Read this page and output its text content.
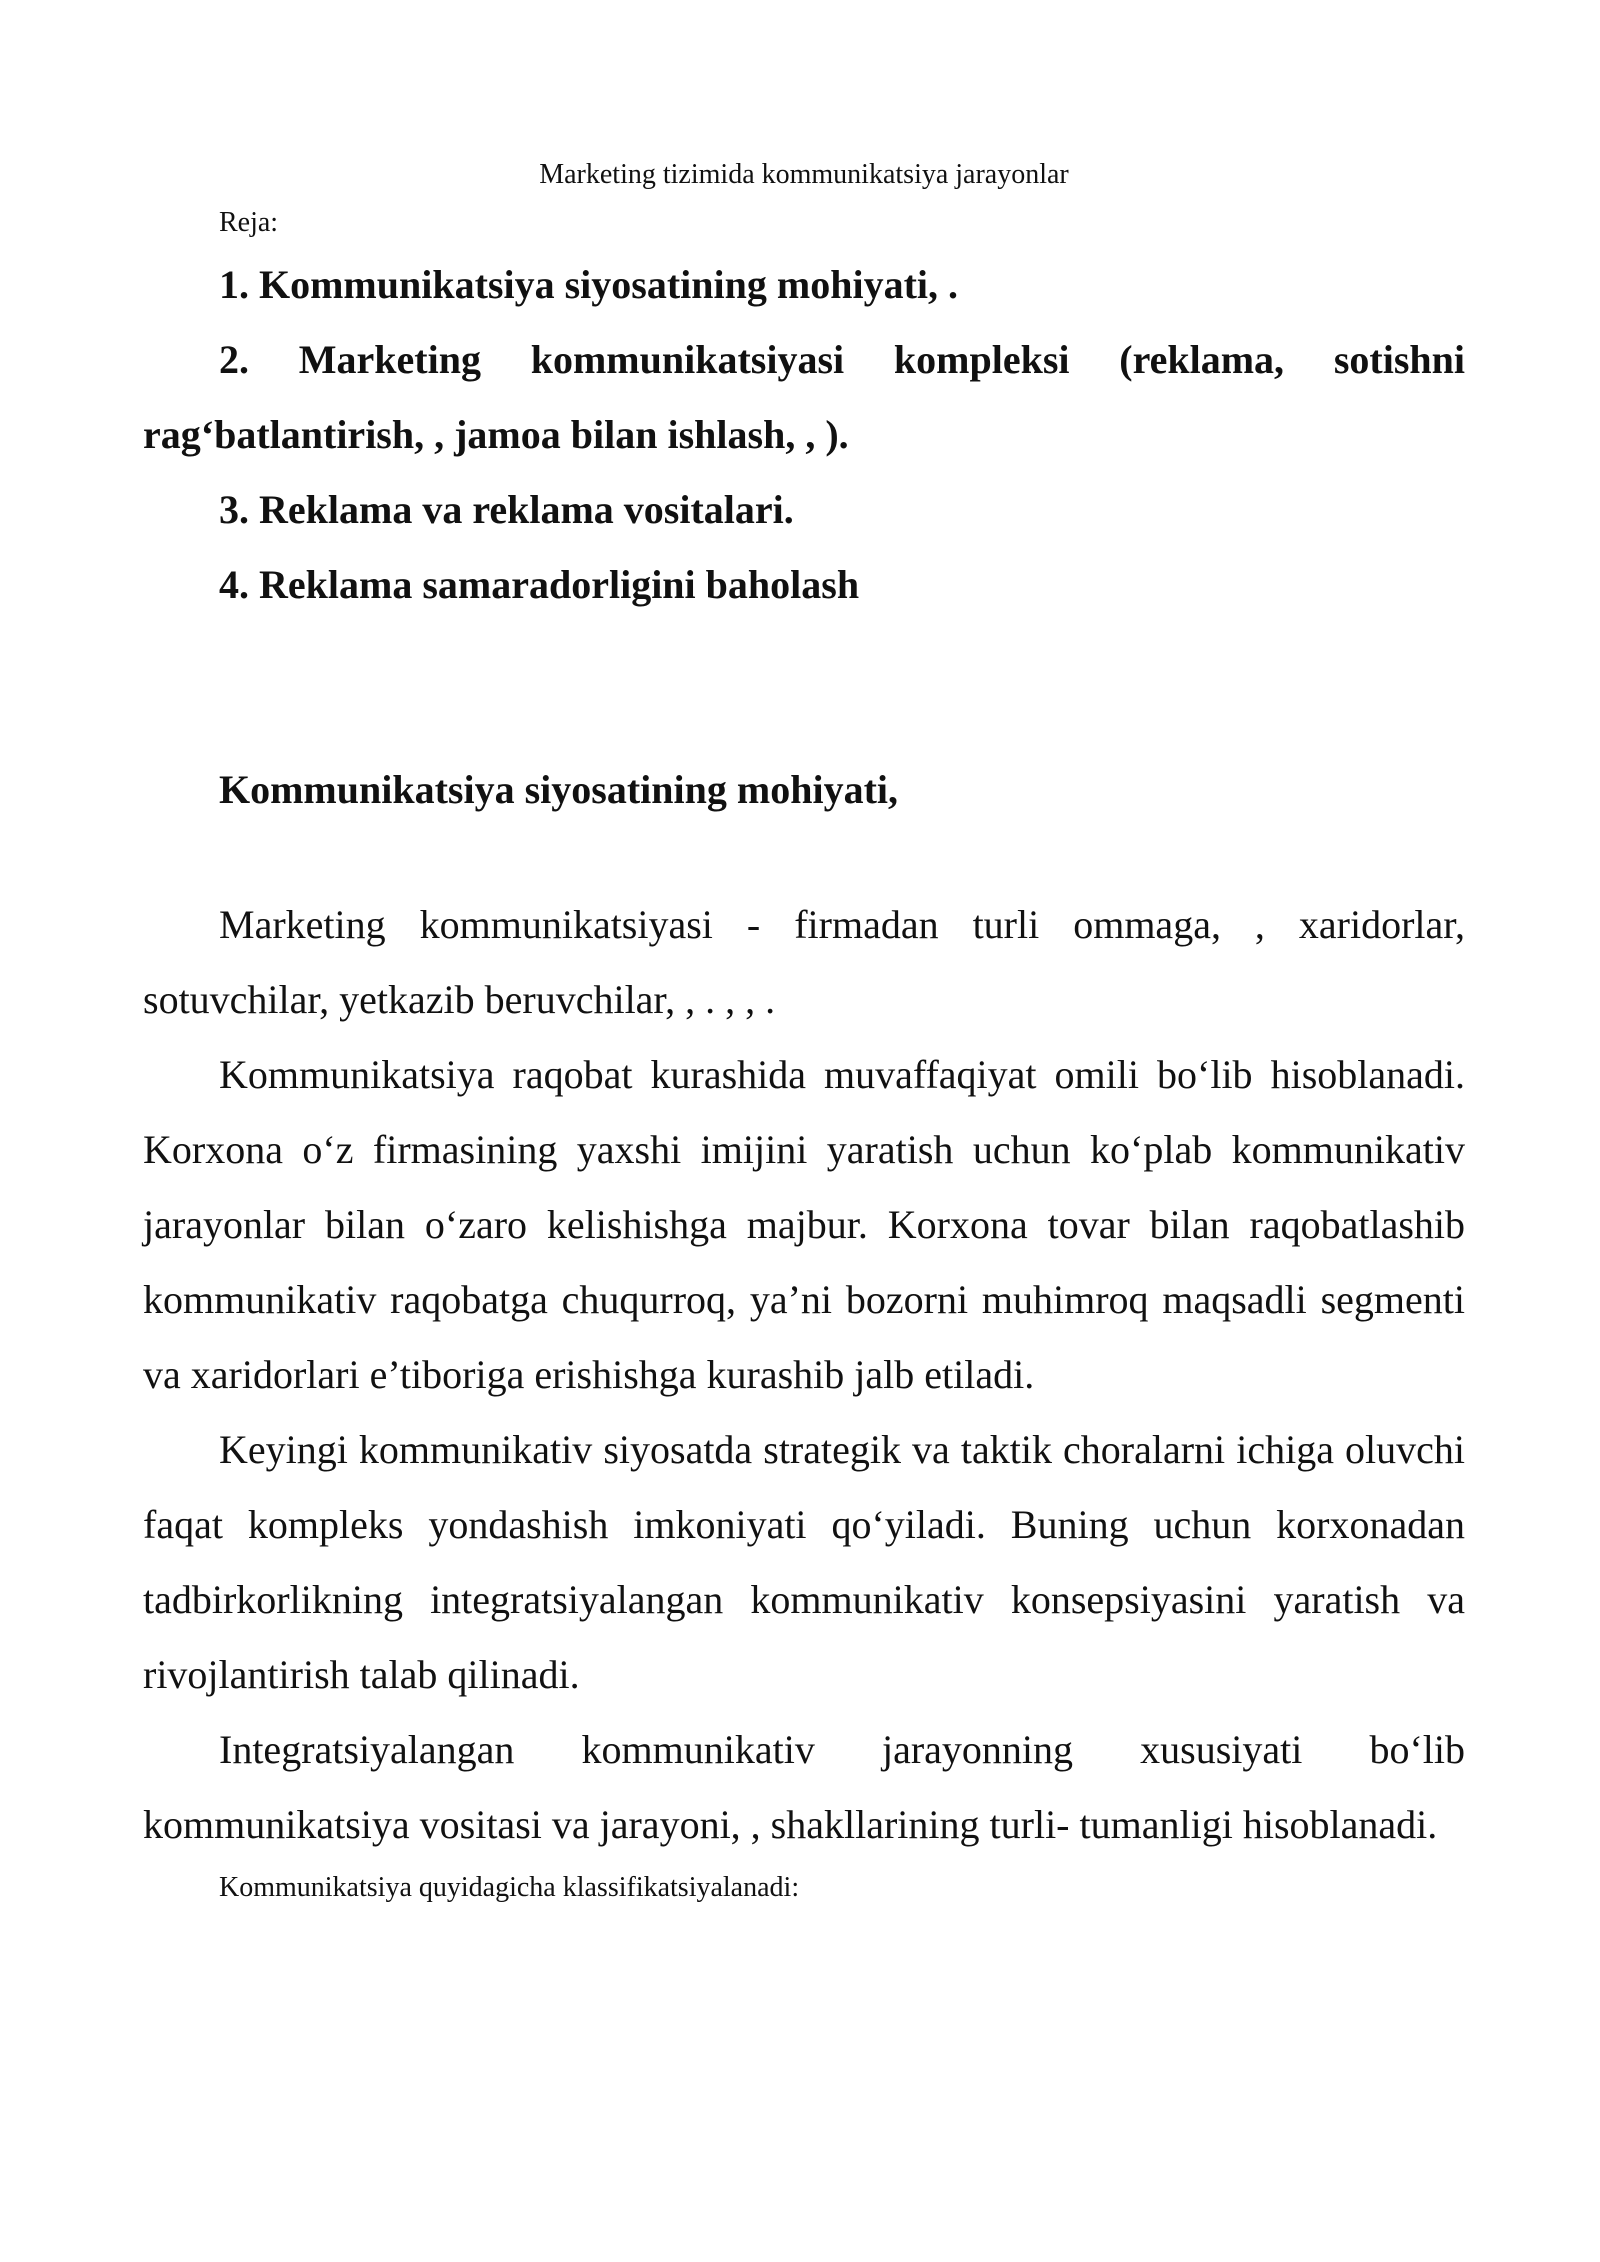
Marketing tizimida kommunikatsiya jarayonlar
Reja:
1. Kommunikatsiya siyosatining mohiyati, .
2. Marketing kommunikatsiyasi kompleksi (reklama, sotishni rag‘batlantirish, , jamoa bilan ishlash, , ).
3. Reklama va reklama vositalari.
4. Reklama samaradorligini baholash
Kommunikatsiya siyosatining mohiyati,

Marketing kommunikatsiyasi - firmadan turli ommaga, , xaridorlar, sotuvchilar, yetkazib beruvchilar, , . , , .

Kommunikatsiya raqobat kurashida muvaffaqiyat omili bo‘lib hisoblanadi. Korxona o‘z firmasining yaxshi imijini yaratish uchun ko‘plab kommunikativ jarayonlar bilan o‘zaro kelishishga majbur. Korxona tovar bilan raqobatlashib kommunikativ raqobatga chuqurroq, ya’ni bozorni muhimroq maqsadli segmenti va xaridorlari e’tiboriga erishishga kurashib jalb etiladi.

Keyingi kommunikativ siyosatda strategik va taktik choralarni ichiga oluvchi faqat kompleks yondashish imkoniyati qo‘yiladi. Buning uchun korxonadan tadbirkorlikning integratsiyalangan kommunikativ konsepsiyasini yaratish va rivojlantirish talab qilinadi.

Integratsiyalangan kommunikativ jarayonning xususiyati bo‘lib kommunikatsiya vositasi va jarayoni, , shakllarining turli- tumanligi hisoblanadi.

Kommunikatsiya quyidagicha klassifikatsiyalanadi:
